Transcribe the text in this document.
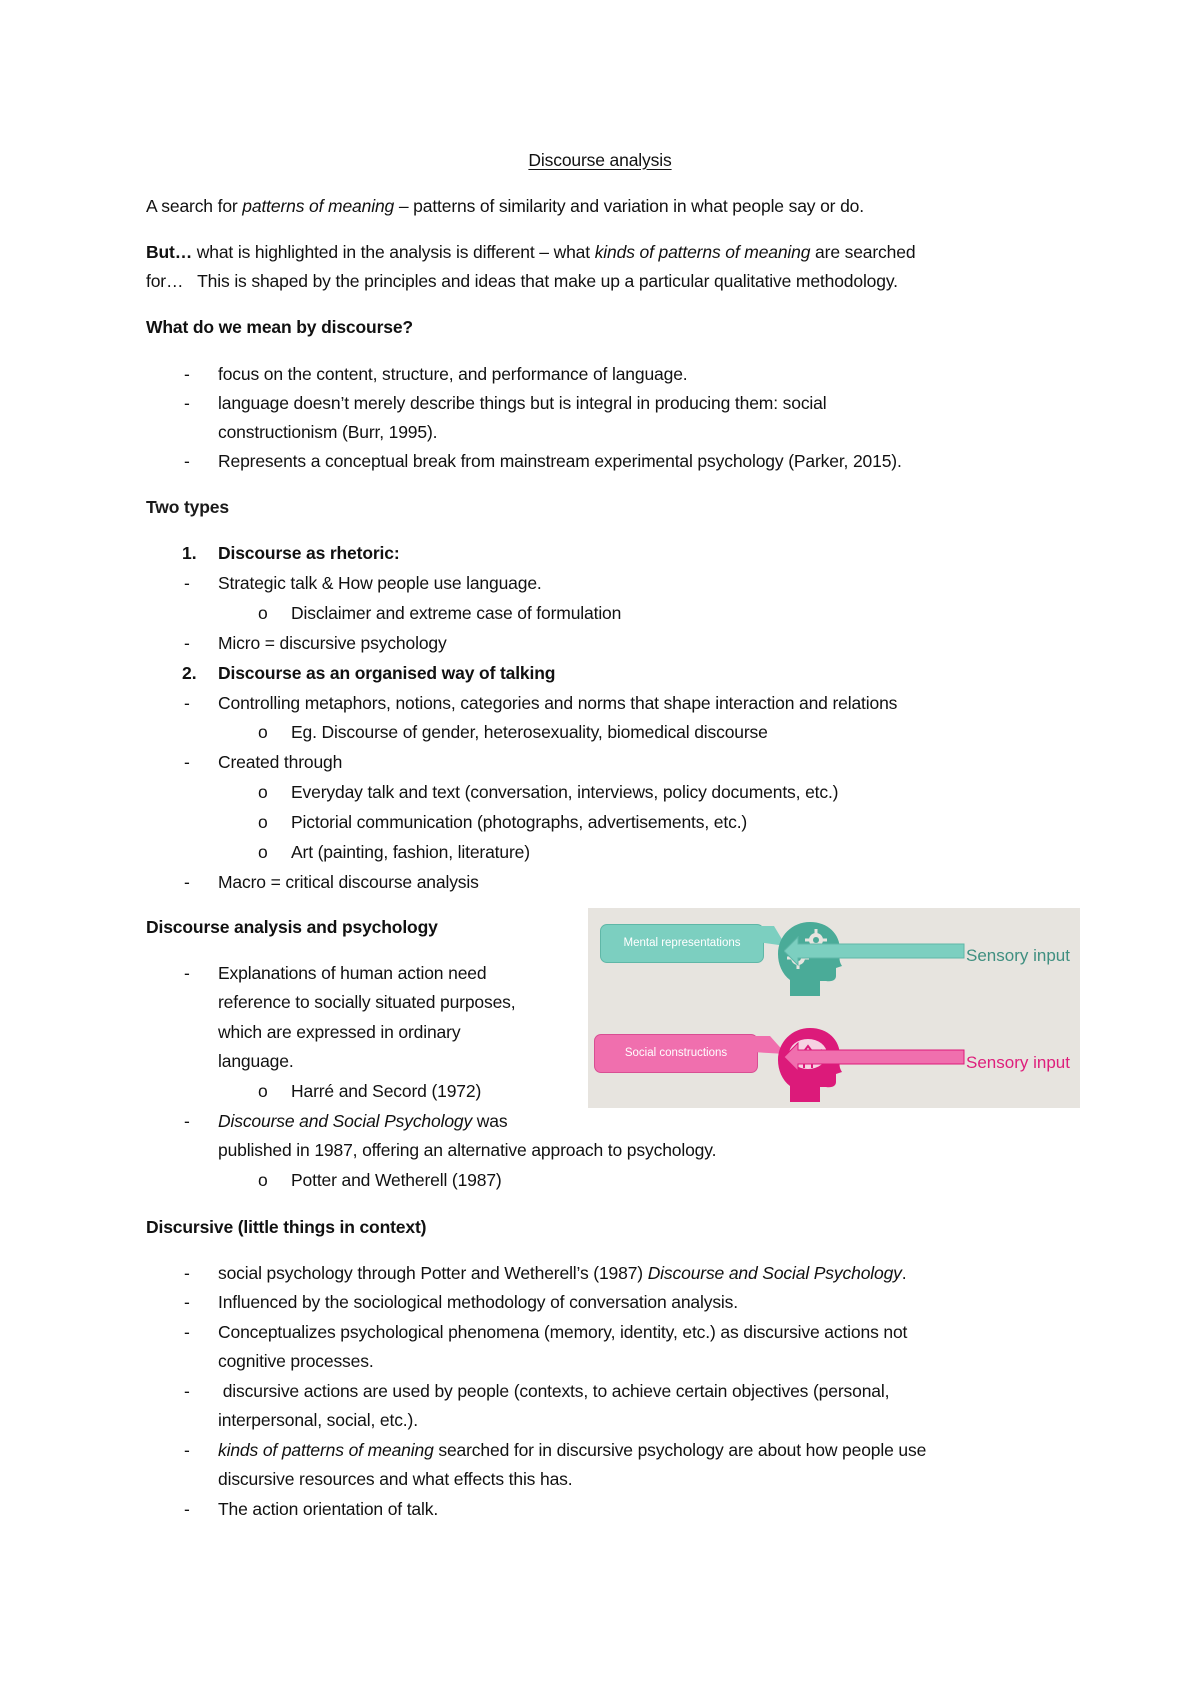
Discourse analysis
A search for patterns of meaning – patterns of similarity and variation in what people say or do.
But… what is highlighted in the analysis is different – what kinds of patterns of meaning are searched
for…   This is shaped by the principles and ideas that make up a particular qualitative methodology.
What do we mean by discourse?
- focus on the content, structure, and performance of language.
- language doesn’t merely describe things but is integral in producing them: social
constructionism (Burr, 1995).
- Represents a conceptual break from mainstream experimental psychology (Parker, 2015).
Two types
1. Discourse as rhetoric:
- Strategic talk & How people use language.
o Disclaimer and extreme case of formulation
- Micro = discursive psychology
2. Discourse as an organised way of talking
- Controlling metaphors, notions, categories and norms that shape interaction and relations
o Eg. Discourse of gender, heterosexuality, biomedical discourse
- Created through
o Everyday talk and text (conversation, interviews, policy documents, etc.)
o Pictorial communication (photographs, advertisements, etc.)
o Art (painting, fashion, literature)
- Macro = critical discourse analysis
Discourse analysis and psychology
- Explanations of human action need
reference to socially situated purposes,
which are expressed in ordinary
language.
o Harré and Secord (1972)
- Discourse and Social Psychology was
published in 1987, offering an alternative approach to psychology.
o Potter and Wetherell (1987)
Mental representations
Sensory input
Social constructions	Sensory input
Discursive (little things in context)
- social psychology through Potter and Wetherell’s (1987) Discourse and Social Psychology.
- Influenced by the sociological methodology of conversation analysis.
- Conceptualizes psychological phenomena (memory, identity, etc.) as discursive actions not
cognitive processes.
- discursive actions are used by people (contexts, to achieve certain objectives (personal,
interpersonal, social, etc.).
- kinds of patterns of meaning searched for in discursive psychology are about how people use
discursive resources and what effects this has.
- The action orientation of talk.
